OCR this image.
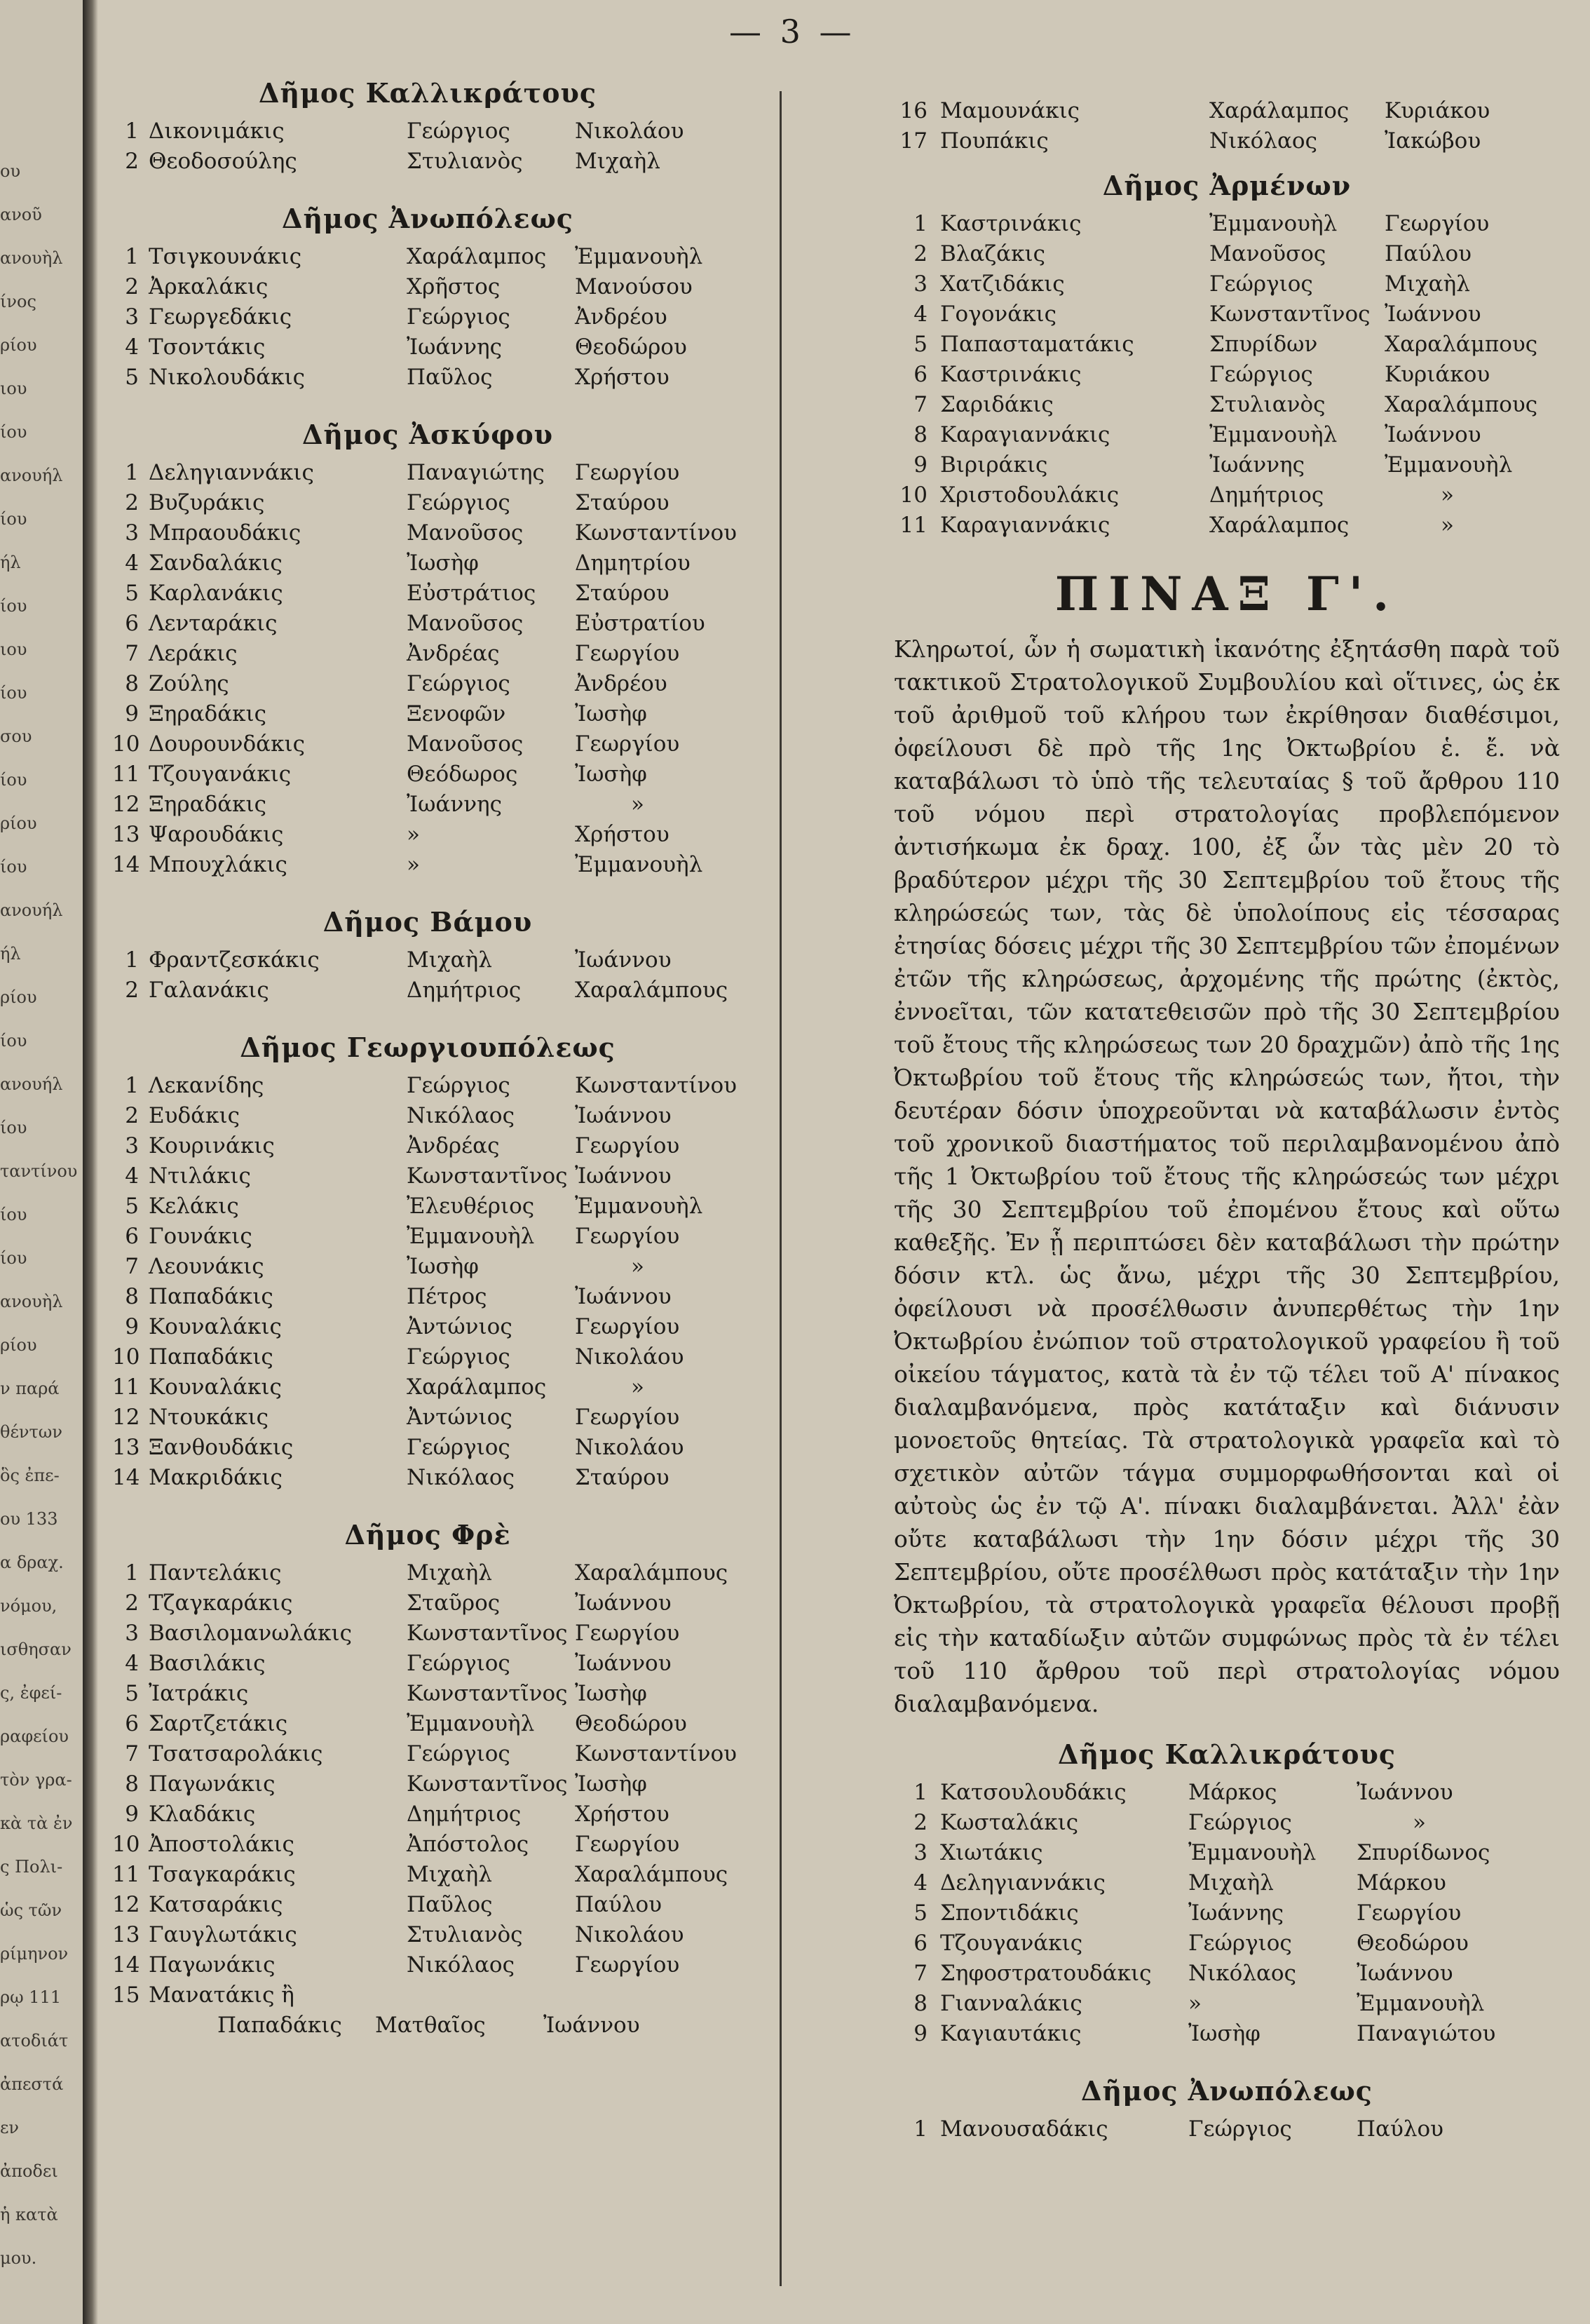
ου
ανοῦ
ανουὴλ
ίνος
ρίου
ιου
ίου
ανουήλ
ίου
ήλ
ίου
ιου
ίου
σου
ίου
ρίου
ίου
ανουήλ
ήλ
ρίου
ίου
ανουήλ
ίου
ταντίνου
ίου
ίου
ανουὴλ
ρίου
ν παρά
θέντων
ὃς ἐπε-
ου 133
α δραχ.
νόμου,
ισθησαν
ς, ἐφεί-
ραφείου
τὸν γρα-
κὰ τὰ ἐν
ς Πολι-
ὡς τῶν
ρίμηνον
ρῳ 111
ατοδιάτ
ἀπεστά
εν
ἀποδει
ἡ κατὰ
μου.
— 3 —
Δῆμος Καλλικράτους
1 Δικονιμάκις	Γεώργιος	Νικολάου
2 Θεοδοσούλης	Στυλιανὸς Μιχαὴλ
Δῆμος Ἀνωπόλεως
1 Τσιγκουνάκις	Χαράλαμπος Ἐμμανουὴλ
2 Ἀρκαλάκις	Χρῆστος	Μανούσου
3 Γεωργεδάκις	Γεώργιος	Ἀνδρέου
4 Τσοντάκις	Ἰωάννης	Θεοδώρου
5 Νικολουδάκις	Παῦλος	Χρήστου
Δῆμος Ἀσκύφου
1 Δεληγιαννάκις	Παναγιώτης Γεωργίου
2 Βυζυράκις	Γεώργιος	Σταύρου
3 Μπραουδάκις	Μανοῦσος Κωνσταντίνου
4 Σανδαλάκις	Ἰωσὴφ	Δημητρίου
5 Καρλανάκις	Εὐστράτιος Σταύρου
6 Λενταράκις	Μανοῦσος Εὐστρατίου
7 Λεράκις	Ἀνδρέας	Γεωργίου
8 Ζούλης	Γεώργιος	Ἀνδρέου
9 Ξηραδάκις	Ξενοφῶν	Ἰωσὴφ
10 Δουρουνδάκις	Μανοῦσος Γεωργίου
11 Τζουγανάκις	Θεόδωρος	Ἰωσὴφ
12 Ξηραδάκις	Ἰωάννης	»
13 Ψαρουδάκις	»	Χρήστου
14 Μπουχλάκις	»	Ἐμμανουὴλ
Δῆμος Βάμου
1 Φραντζεσκάκις	Μιχαὴλ	Ἰωάννου
2 Γαλανάκις	Δημήτριος Χαραλάμπους
Δῆμος Γεωργιουπόλεως
1 Λεκανίδης	Γεώργιος	Κωνσταντίνου
2 Ευδάκις	Νικόλαος	Ἰωάννου
3 Κουρινάκις	Ἀνδρέας	Γεωργίου
4 Ντιλάκις	Κωνσταντῖνος Ἰωάννου
5 Κελάκις	Ἐλευθέριος Ἐμμανουὴλ
6 Γουνάκις	Ἐμμανουὴλ Γεωργίου
7 Λεουνάκις	Ἰωσὴφ	»
8 Παπαδάκις	Πέτρος	Ἰωάννου
9 Κουναλάκις	Ἀντώνιος	Γεωργίου
10 Παπαδάκις	Γεώργιος	Νικολάου
11 Κουναλάκις	Χαράλαμπος	»
12 Ντουκάκις	Ἀντώνιος	Γεωργίου
13 Ξανθουδάκις	Γεώργιος	Νικολάου
14 Μακριδάκις	Νικόλαος	Σταύρου
Δῆμος Φρὲ
1 Παντελάκις	Μιχαὴλ	Χαραλάμπους
2 Τζαγκαράκις	Σταῦρος	Ἰωάννου
3 Βασιλομανωλάκις	Κωνσταντῖνος Γεωργίου
4 Βασιλάκις	Γεώργιος	Ἰωάννου
5 Ἰατράκις	Κωνσταντῖνος Ἰωσὴφ
6 Σαρτζετάκις	Ἐμμανουὴλ Θεοδώρου
7 Τσατσαρολάκις	Γεώργιος	Κωνσταντίνου
8 Παγωνάκις	Κωνσταντῖνος Ἰωσὴφ
9 Κλαδάκις	Δημήτριος Χρήστου
10 Ἀποστολάκις	Ἀπόστολος Γεωργίου
11 Τσαγκαράκις	Μιχαὴλ	Χαραλάμπους
12 Κατσαράκις	Παῦλος	Παύλου
13 Γαυγλωτάκις	Στυλιανὸς Νικολάου
14 Παγωνάκις	Νικόλαος	Γεωργίου
15 Μανατάκις ἢ
Παπαδάκις Ματθαῖος	Ἰωάννου
16 Μαμουνάκις	Χαράλαμπος Κυριάκου
17 Πουπάκις	Νικόλαος	Ἰακώβου
Δῆμος Ἀρμένων
1 Καστρινάκις	Ἐμμανουὴλ Γεωργίου
2 Βλαζάκις	Μανοῦσος	Παύλου
3 Χατζιδάκις	Γεώργιος	Μιχαὴλ
4 Γογονάκις	Κωνσταντῖνος Ἰωάννου
5 Παπασταματάκις	Σπυρίδων	Χαραλάμπους
6 Καστρινάκις	Γεώργιος	Κυριάκου
7 Σαριδάκις	Στυλιανὸς	Χαραλάμπους
8 Καραγιαννάκις	Ἐμμανουὴλ Ἰωάννου
9 Βιριράκις	Ἰωάννης	Ἐμμανουὴλ
10 Χριστοδουλάκις	Δημήτριος	»
11 Καραγιαννάκις	Χαράλαμπος	»
ΠΙΝΑΞ Γ'.
Κληρωτοί, ὧν ἡ σωματικὴ ἱκανότης ἐξητάσθη παρὰ τοῦ τακτικοῦ Στρατολογικοῦ Συμβουλίου καὶ οἵτινες, ὡς ἐκ τοῦ ἀριθμοῦ τοῦ κλήρου των ἐκρίθησαν διαθέσιμοι, ὀφείλουσι δὲ πρὸ τῆς 1ης Ὀκτωβρίου ἑ. ἔ. νὰ καταβάλωσι τὸ ὑπὸ τῆς τελευταίας § τοῦ ἄρθρου 110 τοῦ νόμου περὶ στρατολογίας προβλεπόμενον ἀντισήκωμα ἐκ δραχ. 100, ἐξ ὧν τὰς μὲν 20 τὸ βραδύτερον μέχρι τῆς 30 Σεπτεμβρίου τοῦ ἔτους τῆς κληρώσεώς των, τὰς δὲ ὑπολοίπους εἰς τέσσαρας ἐτησίας δόσεις μέχρι τῆς 30 Σεπτεμβρίου τῶν ἐπομένων ἐτῶν τῆς κληρώσεως, ἀρχομένης τῆς πρώτης (ἐκτὸς, ἐννοεῖται, τῶν κατατεθεισῶν πρὸ τῆς 30 Σεπτεμβρίου τοῦ ἔτους τῆς κληρώσεως των 20 δραχμῶν) ἀπὸ τῆς 1ης Ὀκτωβρίου τοῦ ἔτους τῆς κληρώσεώς των, ἤτοι, τὴν δευτέραν δόσιν ὑποχρεοῦνται νὰ καταβάλωσιν ἐντὸς τοῦ χρονικοῦ διαστήματος τοῦ περιλαμβανομένου ἀπὸ τῆς 1 Ὀκτωβρίου τοῦ ἔτους τῆς κληρώσεώς των μέχρι τῆς 30 Σεπτεμβρίου τοῦ ἐπομένου ἔτους καὶ οὕτω καθεξῆς. Ἐν ᾗ περιπτώσει δὲν καταβάλωσι τὴν πρώτην δόσιν κτλ. ὡς ἄνω, μέχρι τῆς 30 Σεπτεμβρίου, ὀφείλουσι νὰ προσέλθωσιν ἀνυπερθέτως τὴν 1ην Ὀκτωβρίου ἐνώπιον τοῦ στρατολογικοῦ γραφείου ἢ τοῦ οἰκείου τάγματος, κατὰ τὰ ἐν τῷ τέλει τοῦ Α' πίνακος διαλαμβανόμενα, πρὸς κατάταξιν καὶ διάνυσιν μονοετοῦς θητείας. Τὰ στρατολογικὰ γραφεῖα καὶ τὸ σχετικὸν αὐτῶν τάγμα συμμορφωθήσονται καὶ οἱ αὐτοὺς ὡς ἐν τῷ Α'. πίνακι διαλαμβάνεται. Ἀλλ' ἐὰν οὔτε καταβάλωσι τὴν 1ην δόσιν μέχρι τῆς 30 Σεπτεμβρίου, οὔτε προσέλθωσι πρὸς κατάταξιν τὴν 1ην Ὀκτωβρίου, τὰ στρατολογικὰ γραφεῖα θέλουσι προβῇ εἰς τὴν καταδίωξιν αὐτῶν συμφώνως πρὸς τὰ ἐν τέλει τοῦ 110 ἄρθρου τοῦ περὶ στρατολογίας νόμου διαλαμβανόμενα.
Δῆμος Καλλικράτους
1 Κατσουλουδάκις	Μάρκος	Ἰωάννου
2 Κωσταλάκις	Γεώργιος	»
3 Χιωτάκις	Ἐμμανουὴλ Σπυρίδωνος
4 Δεληγιαννάκις	Μιχαὴλ	Μάρκου
5 Σποντιδάκις	Ἰωάννης	Γεωργίου
6 Τζουγανάκις	Γεώργιος	Θεοδώρου
7 Σηφοστρατουδάκις Νικόλαος	Ἰωάννου
8 Γιανναλάκις	»	Ἐμμανουὴλ
9 Καγιαυτάκις	Ἰωσὴφ	Παναγιώτου
Δῆμος Ἀνωπόλεως
1 Μανουσαδάκις	Γεώργιος	Παύλου
